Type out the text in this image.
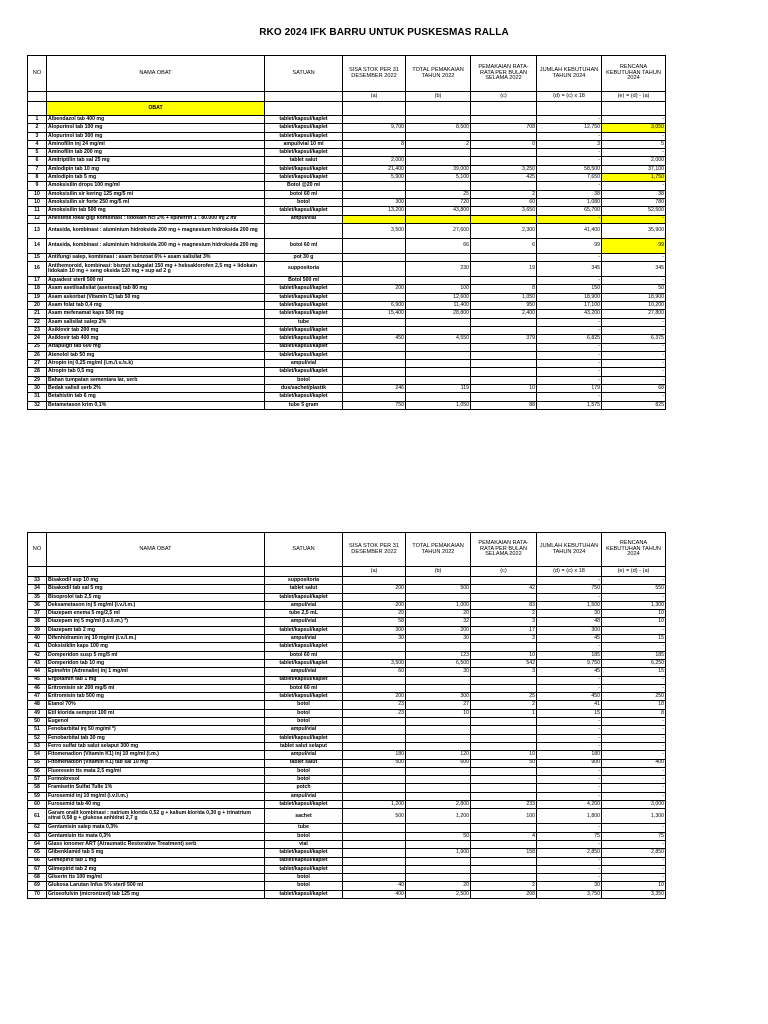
RKO 2024 IFK BARRU UNTUK PUSKESMAS RALLA
NO	NAMA OBAT	SATUAN	SISA STOK PER 31 DESEMBER 2022	TOTAL PEMAKAIAN TAHUN 2022	PEMAKAIAN RATA-RATA PER BULAN SELAMA 2022	JUMLAH KEBUTUHAN TAHUN 2024	RENCANA KEBUTUHAN TAHUN 2024
			(a)	(b)	(c)	(d) = (c) x 18	(e) = (d) - (a)
	OBAT						
1	Albendazol tab 400 mg	tablet/kapsul/kaplet				-	-
2	Alopurinol tab 100 mg	tablet/kapsul/kaplet	9,700	8,500	708	12,750	3,050
3	Alopurinol tab 300 mg	tablet/kapsul/kaplet				-	-
4	Aminofilin inj 24 mg/ml	ampul/vial 10 ml	8	2	0	3	5
5	Aminofilin tab 200 mg	tablet/kapsul/kaplet				-	-
6	Amitriptilin tab sal 25 mg	tablet salut	2,000			-	2,000
7	Amlodipin tab 10 mg	tablet/kapsul/kaplet	21,400	39,000	3,250	58,500	37,100
8	Amlodipin tab 5 mg	tablet/kapsul/kaplet	5,900	5,100	425	7,650	1,750
9	Amoksisilin drops 100 mg/ml	Botol @20 ml				-	-
10	Amoksisilin sir kering 125 mg/5 ml	botol 60 ml		25	2	38	38
10	Amoksisilin sir forte 250 mg/5 ml	botol	300	720	60	1,080	780
11	Amoksisilin tab 500 mg	tablet/kapsul/kaplet	13,200	43,800	3,650	65,700	52,500
12	Anestetik lokal gigi kombinasi : lidokain hcl 2% + epinefrin 1 : 80.000 inj 2 ml	ampul/vial				-	-
13	Antasida, kombinasi : aluminium hidroksida 200 mg + magnesium hidroksida 200 mg		3,500	27,600	2,300	41,400	35,900
14	Antasida, kombinasi : aluminium hidroksida 200 mg + magnesium hidroksida 200 mg	botol 60 ml		66	6	99	99
15	Antifungi salep, kombinasi : asam benzoat 6% + asam salisilat 3%	pot 30 g				-	-
16	Antihemoroid, kombinasi: bismut subgalat 150 mg + heksaklorofen 2,5 mg + lidokain lidokain 10 mg + seng oksida 120 mg + sup ad 2 g	suppositoria		230	19	345	345
17	Aquadest steril 500 ml	Botol 500 ml				-	-
18	Asam asetilsalisilat (asetosal) tab 80 mg	tablet/kapsul/kaplet	200	100	8	150	50
19	Asam askorbat (Vitamin C) tab 50 mg	tablet/kapsul/kaplet		12,600	1,050	18,900	18,900
20	Asam folat tab 0,4 mg	tablet/kapsul/kaplet	6,900	11,400	950	17,100	10,200
21	Asam mefenamat kaps 500 mg	tablet/kapsul/kaplet	15,400	28,800	2,400	43,200	27,800
22	Asam salisilat salep 2%	tube				-	-
23	Asiklovir tab 200 mg	tablet/kapsul/kaplet				-	-
24	Asiklovir tab 400 mg	tablet/kapsul/kaplet	450	4,550	379	6,825	6,375
25	Attapulgit tab 600 mg	tablet/kapsul/kaplet				-	-
26	Atenolol tab 50 mg	tablet/kapsul/kaplet				-	-
27	Atropin inj 0,25 mg/ml (i.m./i.v./s.k)	ampul/vial				-	-
28	Atropin tab 0,5 mg	tablet/kapsul/kaplet				-	-
29	Bahan tumpatan sementara lar, serb	botol				-	-
30	Bedak salisil serb 2%	dus/sachet/plastik	246	119	10	179	68
31	Betahistin tab 6 mg	tablet/kapsul/kaplet				-	-
32	Betametason krim 0,1%	tube 5 gram	750	1,050	88	1,575	825
NO	NAMA OBAT	SATUAN	SISA STOK PER 31 DESEMBER 2022	TOTAL PEMAKAIAN TAHUN 2022	PEMAKAIAN RATA-RATA PER BULAN SELAMA 2022	JUMLAH KEBUTUHAN TAHUN 2024	RENCANA KEBUTUHAN TAHUN 2024
			(a)	(b)	(c)	(d) = (c) x 18	(e) = (d) - (a)
33	Bisakodil sup 10 mg	suppositoria				-	-
34	Bisakodil tab sal 5 mg	tablet salut	200	500	42	750	550
35	Bisoprolol tab 2,5 mg	tablet/kapsul/kaplet				-	-
36	Deksametason inj 5 mg/ml (i.v./i.m.)	ampul/vial	200	1,000	83	1,500	1,300
37	Diazepam enema 5 mg/2,5 ml	tube 2,5 mL	20	20	2	30	10
38	Diazepam inj 5 mg/ml (i.v./i.m.) *)	ampul/vial	58	32	3	48	10
39	Diazepam tab 2 mg	tablet/kapsul/kaplet	300	200	17	300	-
40	Difenhidramin inj 10 mg/ml (i.v./i.m.)	ampul/vial	30	30	3	45	15
41	Doksisiklin kaps 100 mg	tablet/kapsul/kaplet				-	-
42	Domperidon susp 5 mg/5 ml	botol 60 ml		123	10	185	185
43	Domperidon tab 10 mg	tablet/kapsul/kaplet	3,500	6,500	542	9,750	6,250
44	Epinefrin (Adrenalin) inj 1 mg/ml	ampul/vial	60	30	3	45	15
45	Ergotamin tab 1 mg	tablet/kapsul/kaplet				-	-
46	Eritromisin sir 200 mg/5 ml	botol 60 ml				-	-
47	Eritromisin tab 500 mg	tablet/kapsul/kaplet	200	300	25	450	250
48	Etanol 70%	botol	23	27	2	41	18
49	Etil klorida semprot 100 ml	botol	23	10	1	15	8
50	Eugenol	botol				-	-
51	Fenobarbital inj 50 mg/ml *)	ampul/vial				-	-
52	Fenobarbital tab 30 mg	tablet/kapsul/kaplet				-	-
53	Ferro sulfat tab salut selaput 300 mg	tablet salut selaput				-	-
54	Fitomenadion (Vitamin K1) inj 10 mg/ml (i.m.)	ampul/vial	180	120	10	180	-
55	Fitomenadion (Vitamin K1) tab sal 10 mg	tablet salut	500	600	50	900	400
56	Fluoresein tts mata 2,5 mg/ml	botol				-	-
57	Formokresol	botol				-	-
58	Framisetin Sulfat Tulle 1%	potch				-	-
59	Furosemid inj 10 mg/ml (i.v./i.m.)	ampul/vial				-	-
60	Furosemid tab 40 mg	tablet/kapsul/kaplet	1,200	2,800	233	4,200	3,000
61	Garam oralit kombinasi : natrium klorida 0,52 g + kalium klorida 0,30 g + trinatrium sitrat 0,58 g + glukosa anhidrat 2,7 g	sachet	500	1,200	100	1,800	1,300
62	Gentamisin salep mata 0,3%	tube				-	-
63	Gentamisin tts mata 0,3%	botol		50	4	75	75
64	Glass ionomer ART (Atraumatic Restorative Treatment) serb	vial				-	-
65	Glibenklamid tab 5 mg	tablet/kapsul/kaplet		1,900	158	2,850	2,850
66	Glimepirid tab 1 mg	tablet/kapsul/kaplet				-	-
67	Glimepirid tab 2 mg	tablet/kapsul/kaplet				-	-
68	Gliserin tts 100 mg/ml	botol				-	-
69	Glukosa Larutan Infus 5% steril 500 ml	botol	40	20	2	30	10
70	Griseofulvin (micronized) tab 125 mg	tablet/kapsul/kaplet	400	2,500	208	3,750	3,350
